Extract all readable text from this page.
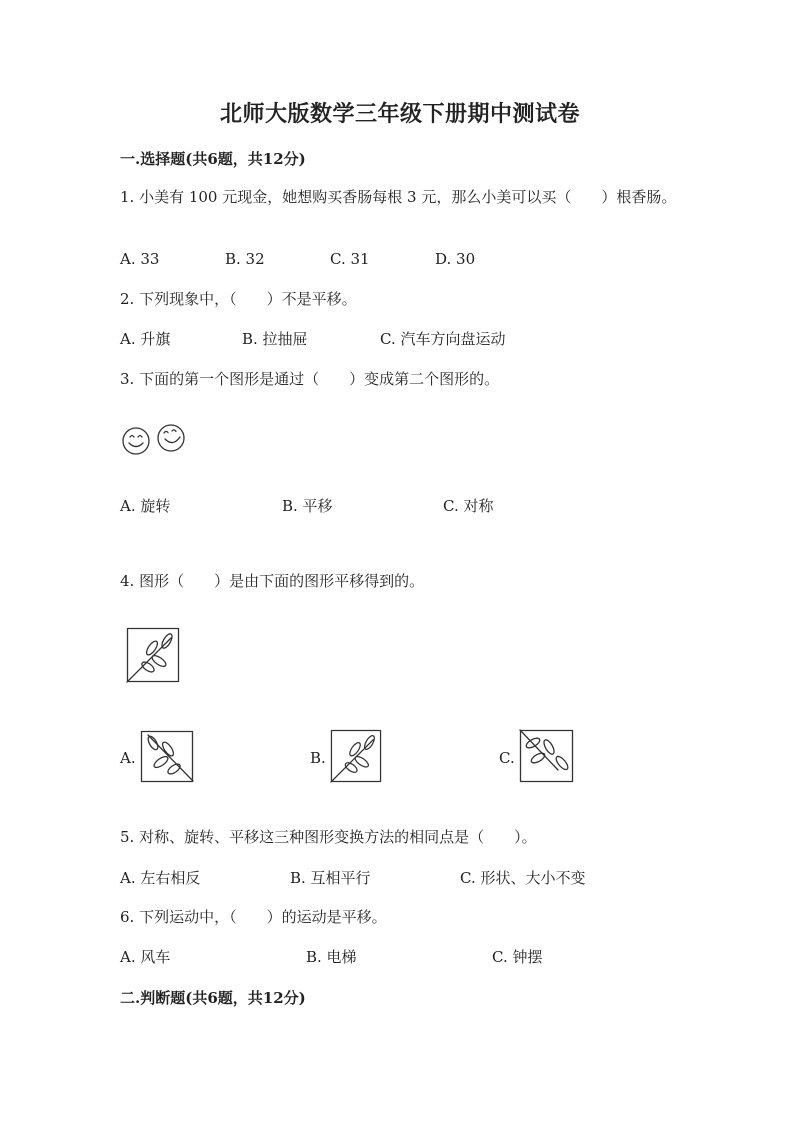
北师大版数学三年级下册期中测试卷
一.选择题(共6题，共12分)
1. 小美有 100 元现金，她想购买香肠每根 3 元，那么小美可以买（　　）根香肠。
A. 33	B. 32	C. 31	D. 30
2. 下列现象中，（　　）不是平移。
A. 升旗	B. 拉抽屉	C. 汽车方向盘运动
3. 下面的第一个图形是通过（　　）变成第二个图形的。
A. 旋转	B. 平移	C. 对称
4. 图形（　　）是由下面的图形平移得到的。
A.	B.	C.
5. 对称、旋转、平移这三种图形变换方法的相同点是（　　）。
A. 左右相反	B. 互相平行	C. 形状、大小不变
6. 下列运动中，（　　）的运动是平移。
A. 风车	B. 电梯	C. 钟摆
二.判断题(共6题，共12分)
